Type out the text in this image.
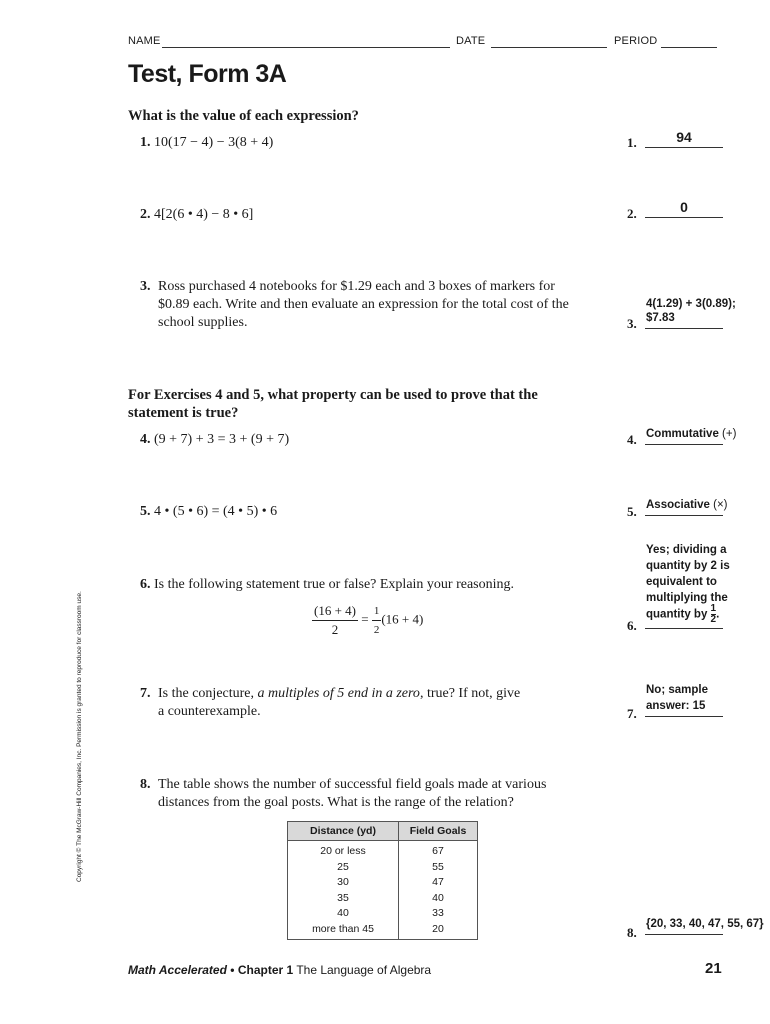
NAME	DATE	PERIOD
Test, Form 3A
What is the value of each expression?
1. 10(17 − 4) − 3(8 + 4)
2. 4[2(6 • 4) − 8 • 6]
3. Ross purchased 4 notebooks for $1.29 each and 3 boxes of markers for $0.89 each. Write and then evaluate an expression for the total cost of the school supplies.
For Exercises 4 and 5, what property can be used to prove that the statement is true?
4. (9 + 7) + 3 = 3 + (9 + 7)
5. 4 • (5 • 6) = (4 • 5) • 6
6. Is the following statement true or false? Explain your reasoning.
$\frac{(16 + 4)}{2} = \frac{1}{2} (16 + 4)$
7. Is the conjecture, a multiples of 5 end in a zero, true? If not, give a counterexample.
8. The table shows the number of successful field goals made at various distances from the goal posts. What is the range of the relation?
Distance (yd)	Field Goals
20 or less	67
25	55
30	47
35	40
40	33
more than 45	20
1.	94
2.	0
3.
4(1.29) + 3(0.89);
$7.83
4. Commutative (+)
5. Associative (×)
6.
Yes; dividing a
quantity by 2 is
equivalent to
multiplying the
quantity by $\frac{1}{2}$ .
7.
No; sample
answer: 15
8.
{20, 33, 40, 47, 55, 67}
Copyright © The McGraw-Hill Companies, Inc. Permission is granted to reproduce for classroom use.
Math Accelerated • Chapter 1 The Language of Algebra	21
